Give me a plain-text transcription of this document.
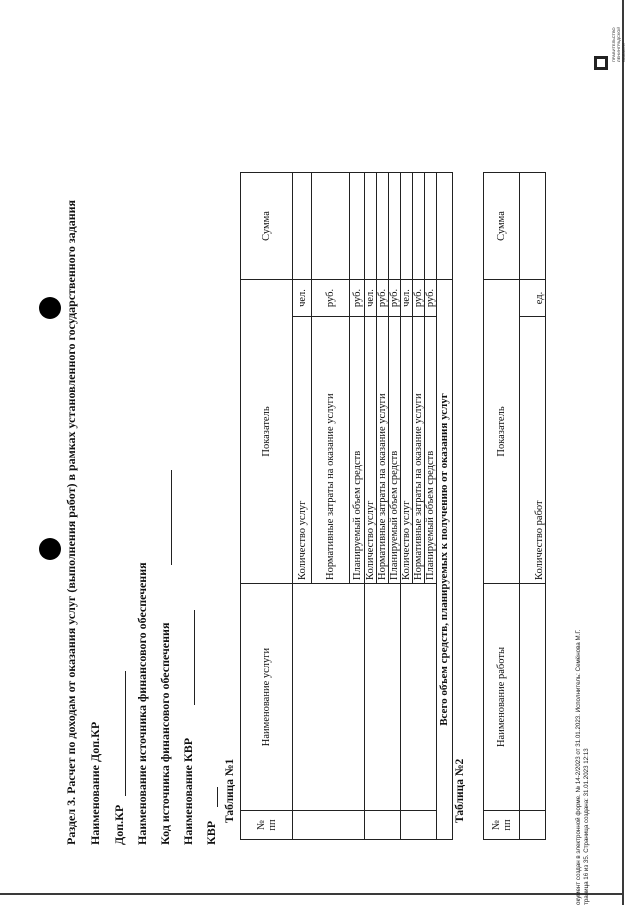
ПРАВИТЕЛЬСТВО ЛЕНИНГРАДСКОЙ ОБЛАСТИ
Раздел 3. Расчет по доходам от оказания услуг (выполнения работ) в рамках установленного государственного задания Наименование Доп.КР Доп.КР Наименование источника финансового обеспечения Код источника финансового обеспечения Наименование КВР КВР
Таблица №1
№ пп	Наименование услуги	Показатель		Сумма
		Количество услуг	чел.	
		Нормативные затраты на оказание услуги	руб.	
		Планируемый объем средств	руб.	
		Количество услуг	чел.	
		Нормативные затраты на оказание услуги	руб.	
		Планируемый объем средств	руб.	
		Количество услуг	чел.	
		Нормативные затраты на оказание услуги	руб.	
		Планируемый объем средств	руб.	
Всего объем средств, планируемых к получению от оказания услуг				
Таблица №2
№ пп	Наименование работы	Показатель		Сумма
		Количество работ	ед.	
окумент создан в электронной форме. № 14-2/2023 от 31.01.2023. Исполнитель: Семёнова М.Г. траница 16 из 35. Страница создана: 31.01.2023 12:13
